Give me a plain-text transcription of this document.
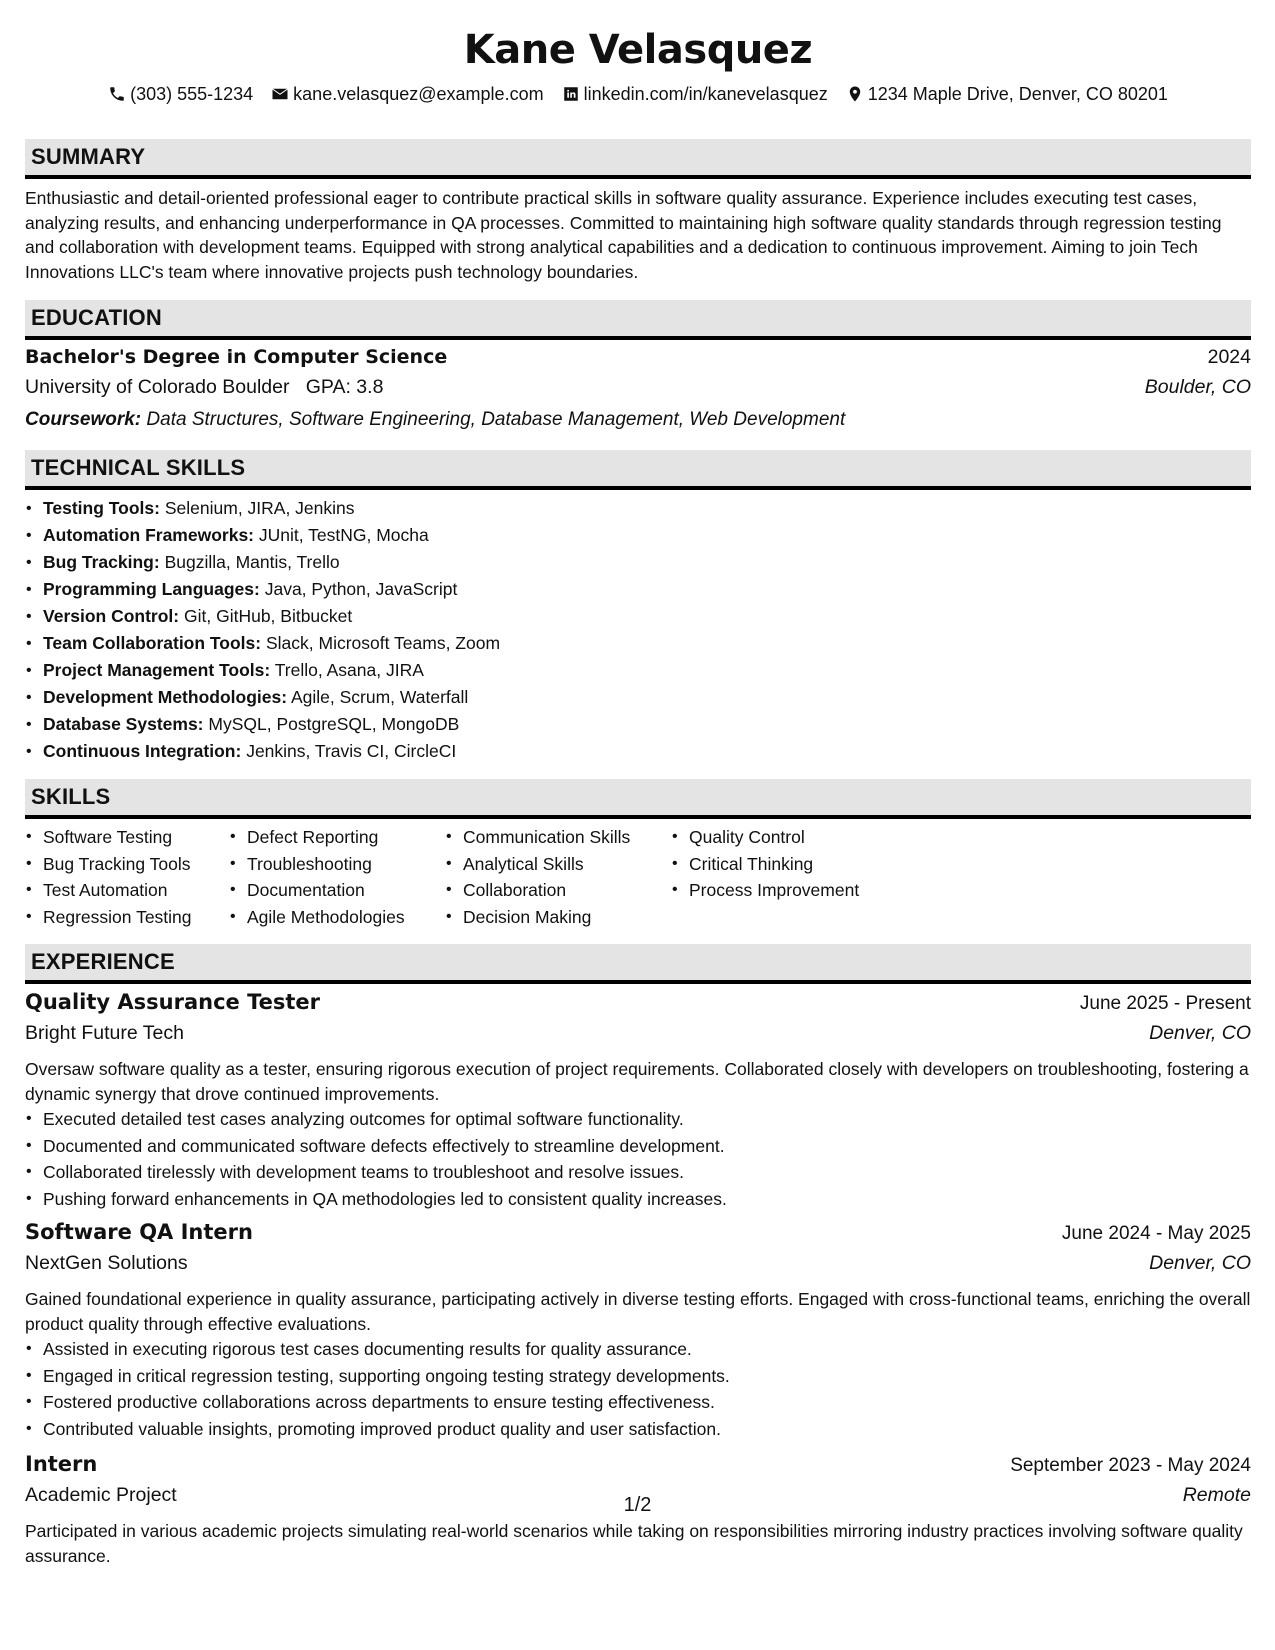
Kane Velasquez
(303) 555-1234 kane.velasquez@example.com linkedin.com/in/kanevelasquez 1234 Maple Drive, Denver, CO 80201
SUMMARY
Enthusiastic and detail-oriented professional eager to contribute practical skills in software quality assurance. Experience includes executing test cases, analyzing results, and enhancing underperformance in QA processes. Committed to maintaining high software quality standards through regression testing and collaboration with development teams. Equipped with strong analytical capabilities and a dedication to continuous improvement. Aiming to join Tech Innovations LLC's team where innovative projects push technology boundaries.
EDUCATION
Bachelor's Degree in Computer Science	2024
University of Colorado Boulder GPA: 3.8	Boulder, CO
Coursework: Data Structures, Software Engineering, Database Management, Web Development
TECHNICAL SKILLS
• Testing Tools: Selenium, JIRA, Jenkins
• Automation Frameworks: JUnit, TestNG, Mocha
• Bug Tracking: Bugzilla, Mantis, Trello
• Programming Languages: Java, Python, JavaScript
• Version Control: Git, GitHub, Bitbucket
• Team Collaboration Tools: Slack, Microsoft Teams, Zoom
• Project Management Tools: Trello, Asana, JIRA
• Development Methodologies: Agile, Scrum, Waterfall
• Database Systems: MySQL, PostgreSQL, MongoDB
• Continuous Integration: Jenkins, Travis CI, CircleCI
SKILLS
• Software Testing
• Bug Tracking Tools
• Test Automation
• Regression Testing
• Defect Reporting
• Troubleshooting
• Documentation
• Agile Methodologies
• Communication Skills
• Analytical Skills
• Collaboration
• Decision Making
• Quality Control
• Critical Thinking
• Process Improvement
EXPERIENCE
Quality Assurance Tester	June 2025 - Present
Bright Future Tech	Denver, CO
Oversaw software quality as a tester, ensuring rigorous execution of project requirements. Collaborated closely with developers on troubleshooting, fostering a dynamic synergy that drove continued improvements.
• Executed detailed test cases analyzing outcomes for optimal software functionality.
• Documented and communicated software defects effectively to streamline development.
• Collaborated tirelessly with development teams to troubleshoot and resolve issues.
• Pushing forward enhancements in QA methodologies led to consistent quality increases.
Software QA Intern	June 2024 - May 2025
NextGen Solutions	Denver, CO
Gained foundational experience in quality assurance, participating actively in diverse testing efforts. Engaged with cross-functional teams, enriching the overall product quality through effective evaluations.
• Assisted in executing rigorous test cases documenting results for quality assurance.
• Engaged in critical regression testing, supporting ongoing testing strategy developments.
• Fostered productive collaborations across departments to ensure testing effectiveness.
• Contributed valuable insights, promoting improved product quality and user satisfaction.
Intern	September 2023 - May 2024
Academic Project	Remote
Participated in various academic projects simulating real-world scenarios while taking on responsibilities mirroring industry practices involving software quality assurance.
1/2
